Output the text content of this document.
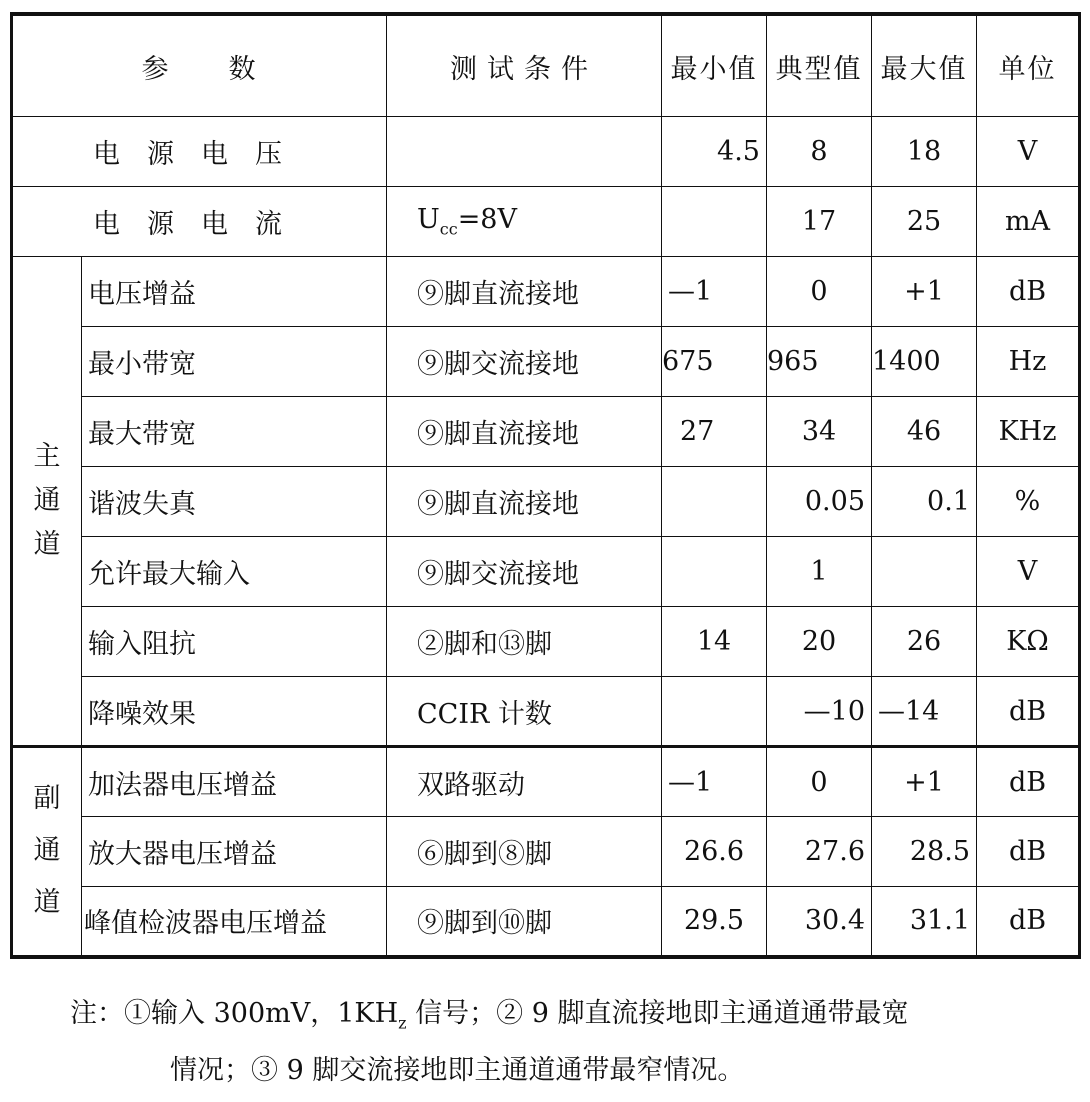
参　　数		测试条件	最小值	典型值	最大值	单位
电　源　电　压			4.5	8	18	V
电　源　电　流		$U_{cc}=8V$		17	25	mA
主 通 道	电压增益	⑨脚直流接地	—1	0	+1	dB
	最小带宽	⑨脚交流接地	675	965	1400	Hz
	最大带宽	⑨脚直流接地	27	34	46	KHz
	谐波失真	⑨脚直流接地		0.05	0.1	%
	允许最大输入	⑨脚交流接地		1		V
	输入阻抗	②脚和⑬脚	14	20	26	KΩ
	降噪效果	CCIR 计数		—10	—14	dB
副 通 道	加法器电压增益	双路驱动	—1	0	+1	dB
	放大器电压增益	⑥脚到⑧脚	26.6	27.6	28.5	dB
	峰值检波器电压增益	⑨脚到⑩脚	29.5	30.4	31.1	dB
注：①输入 300mV，$1KH_z$ 信号；② 9 脚直流接地即主通道通带最宽
情况；③ 9 脚交流接地即主通道通带最窄情况。
